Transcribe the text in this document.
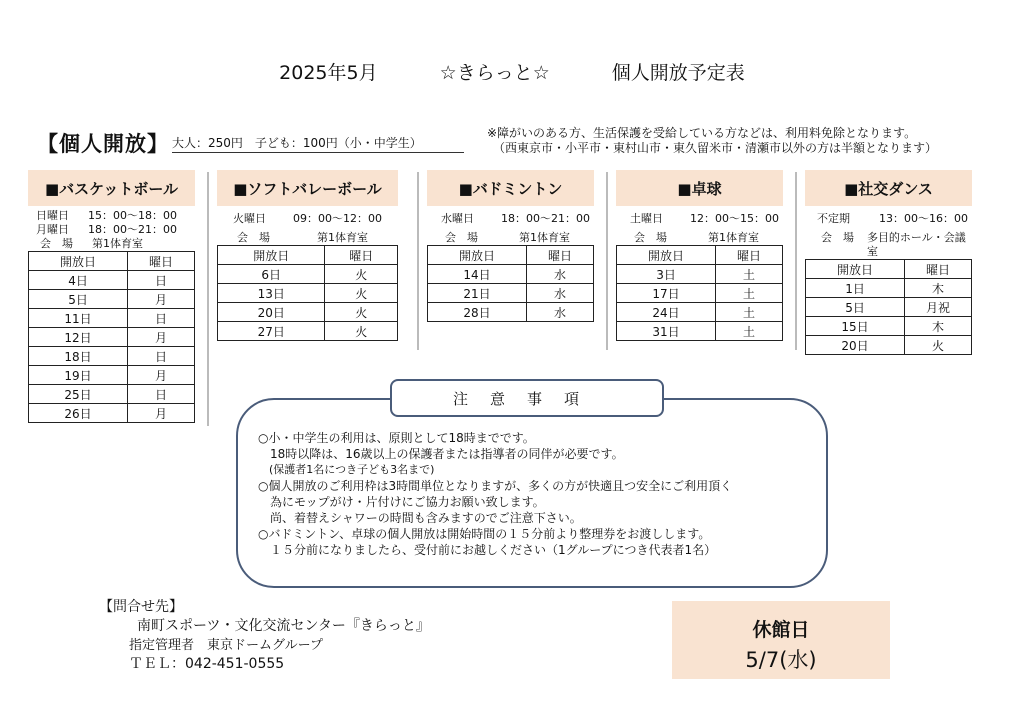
2025年5月	☆きらっと☆	個人開放予定表
【個人開放】 大人：250円　子ども：100円（小・中学生）
※障がいのある方、生活保護を受給している方などは、利用料免除となります。
（西東京市・小平市・東村山市・東久留米市・清瀬市以外の方は半額となります）
■バスケットボール
日曜日	15：00～18：00
月曜日	18：00～21：00
会　場	第1体育室
開放日	曜日
4日	日
5日	月
11日	日
12日	月
18日	日
19日	月
25日	日
26日	月
■ソフトバレーボール
火曜日	09：00～12：00
会　場	第1体育室
開放日	曜日
6日	火
13日	火
20日	火
27日	火
■バドミントン
水曜日	18：00～21：00
会　場	第1体育室
開放日	曜日
14日	水
21日	水
28日	水
■卓球
土曜日	12：00～15：00
会　場	第1体育室
開放日	曜日
3日	土
17日	土
24日	土
31日	土
■社交ダンス
不定期	13：00～16：00
会　場	多目的ホール・会議室
開放日	曜日
1日	木
5日	月祝
15日	木
20日	火
注意事項
○小・中学生の利用は、原則として18時までです。
　18時以降は、16歳以上の保護者または指導者の同伴が必要です。
　(保護者1名につき子ども3名まで)
○個人開放のご利用枠は3時間単位となりますが、多くの方が快適且つ安全にご利用頂く
　為にモップがけ・片付けにご協力お願い致します。
　尚、着替えシャワーの時間も含みますのでご注意下さい。
○バドミントン、卓球の個人開放は開始時間の１５分前より整理券をお渡しします。
　１５分前になりましたら、受付前にお越しください（1グループにつき代表者1名）
【問合せ先】
南町スポーツ・文化交流センター『きらっと』
指定管理者　東京ドームグループ
ＴＥＬ：042-451-0555
休館日
5/7(水)
